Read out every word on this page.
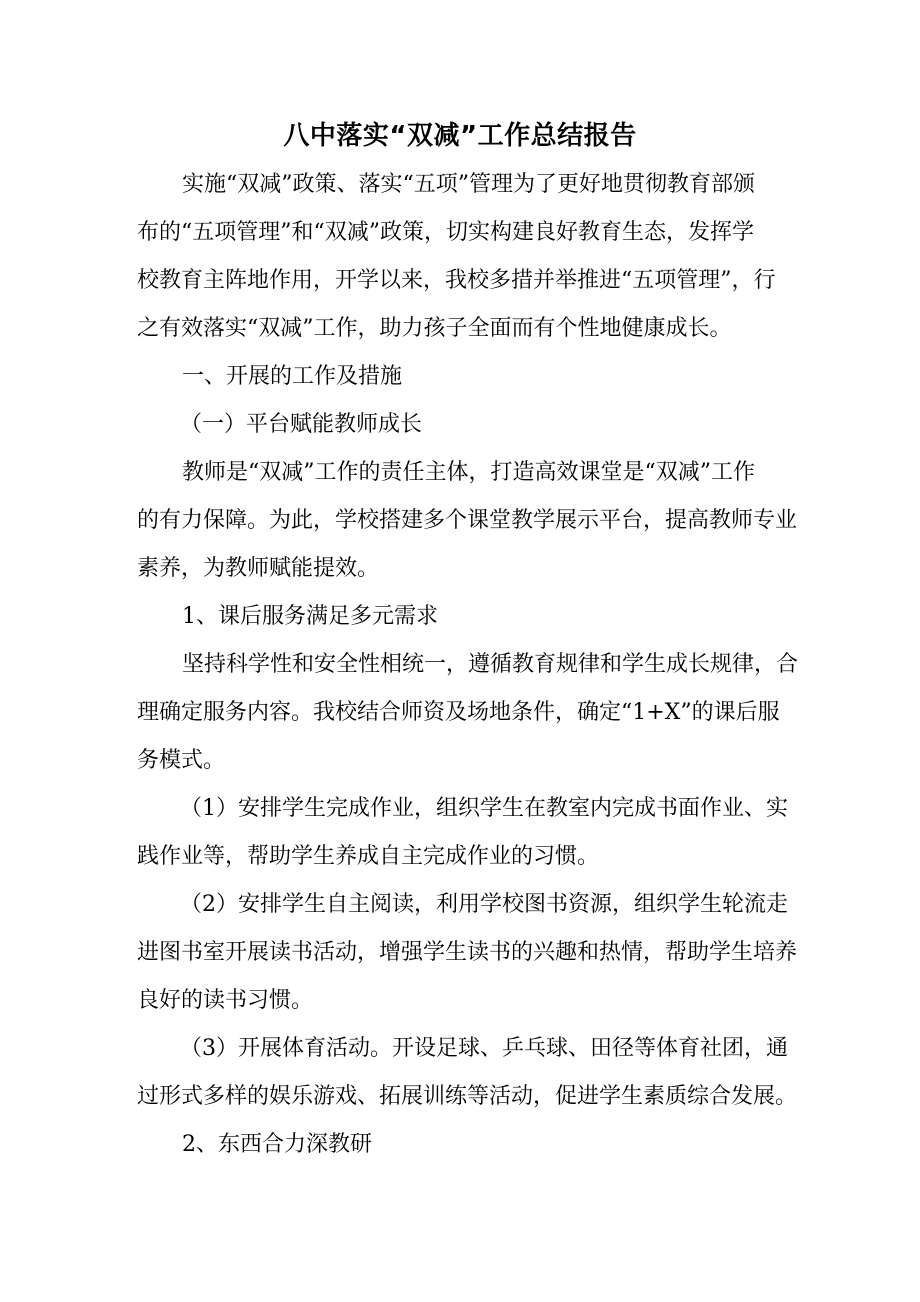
八中落实“双减”工作总结报告
实施“双减”政策、落实“五项”管理为了更好地贯彻教育部颁
布的“五项管理”和“双减”政策，切实构建良好教育生态，发挥学
校教育主阵地作用，开学以来，我校多措并举推进“五项管理”，行
之有效落实“双减”工作，助力孩子全面而有个性地健康成长。
一、开展的工作及措施
（一）平台赋能教师成长
教师是“双减”工作的责任主体，打造高效课堂是“双减”工作
的有力保障。为此，学校搭建多个课堂教学展示平台，提高教师专业
素养，为教师赋能提效。
1、课后服务满足多元需求
坚持科学性和安全性相统一，遵循教育规律和学生成长规律，合
理确定服务内容。我校结合师资及场地条件，确定“1+X”的课后服
务模式。
（1）安排学生完成作业，组织学生在教室内完成书面作业、实
践作业等，帮助学生养成自主完成作业的习惯。
（2）安排学生自主阅读，利用学校图书资源，组织学生轮流走
进图书室开展读书活动，增强学生读书的兴趣和热情，帮助学生培养
良好的读书习惯。
（3）开展体育活动。开设足球、乒乓球、田径等体育社团，通
过形式多样的娱乐游戏、拓展训练等活动，促进学生素质综合发展。
2、东西合力深教研
